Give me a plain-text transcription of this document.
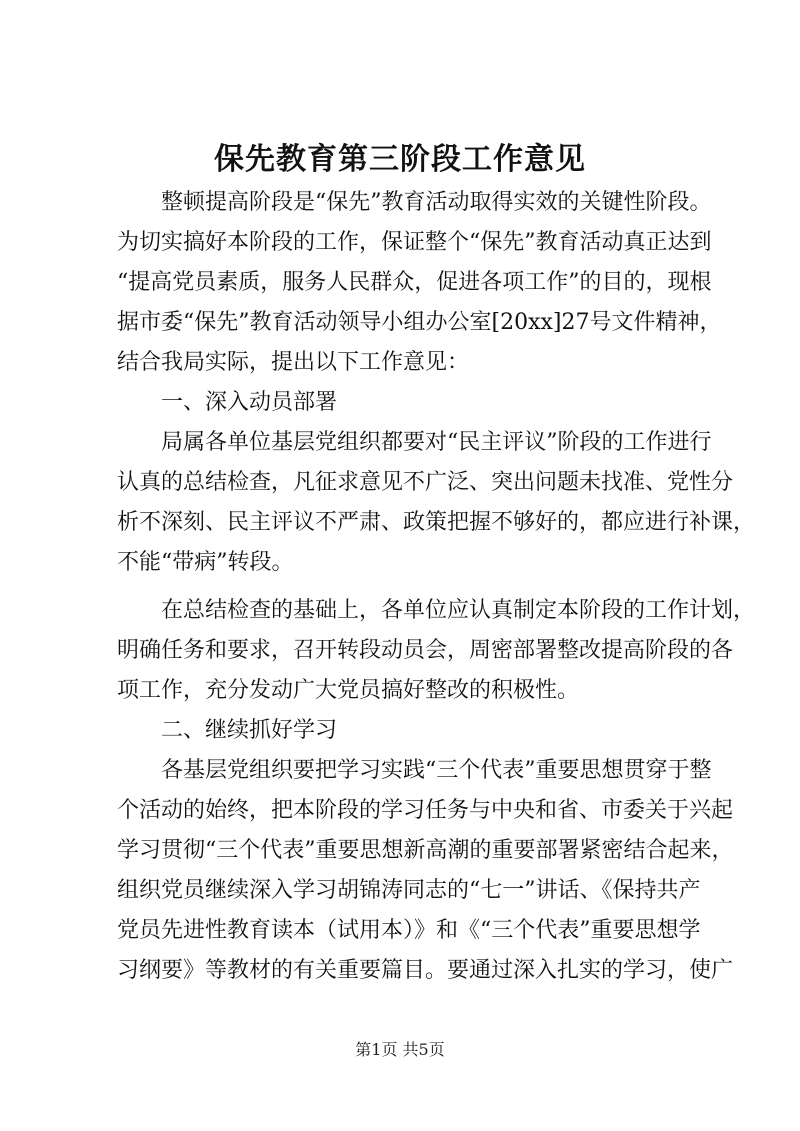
保先教育第三阶段工作意见
　　整顿提高阶段是“保先”教育活动取得实效的关键性阶段。
为切实搞好本阶段的工作，保证整个“保先”教育活动真正达到
“提高党员素质，服务人民群众，促进各项工作”的目的，现根
据市委“保先”教育活动领导小组办公室[20xx]27号文件精神，
结合我局实际，提出以下工作意见：
　　一、深入动员部署
　　局属各单位基层党组织都要对“民主评议”阶段的工作进行
认真的总结检查，凡征求意见不广泛、突出问题未找准、党性分
析不深刻、民主评议不严肃、政策把握不够好的，都应进行补课，
不能“带病”转段。
　　在总结检查的基础上，各单位应认真制定本阶段的工作计划，
明确任务和要求，召开转段动员会，周密部署整改提高阶段的各
项工作，充分发动广大党员搞好整改的积极性。
　　二、继续抓好学习
　　各基层党组织要把学习实践“三个代表”重要思想贯穿于整
个活动的始终，把本阶段的学习任务与中央和省、市委关于兴起
学习贯彻“三个代表”重要思想新高潮的重要部署紧密结合起来，
组织党员继续深入学习胡锦涛同志的“七一”讲话、《保持共产
党员先进性教育读本（试用本）》和《“三个代表”重要思想学
习纲要》等教材的有关重要篇目。要通过深入扎实的学习，使广
第1页 共5页
